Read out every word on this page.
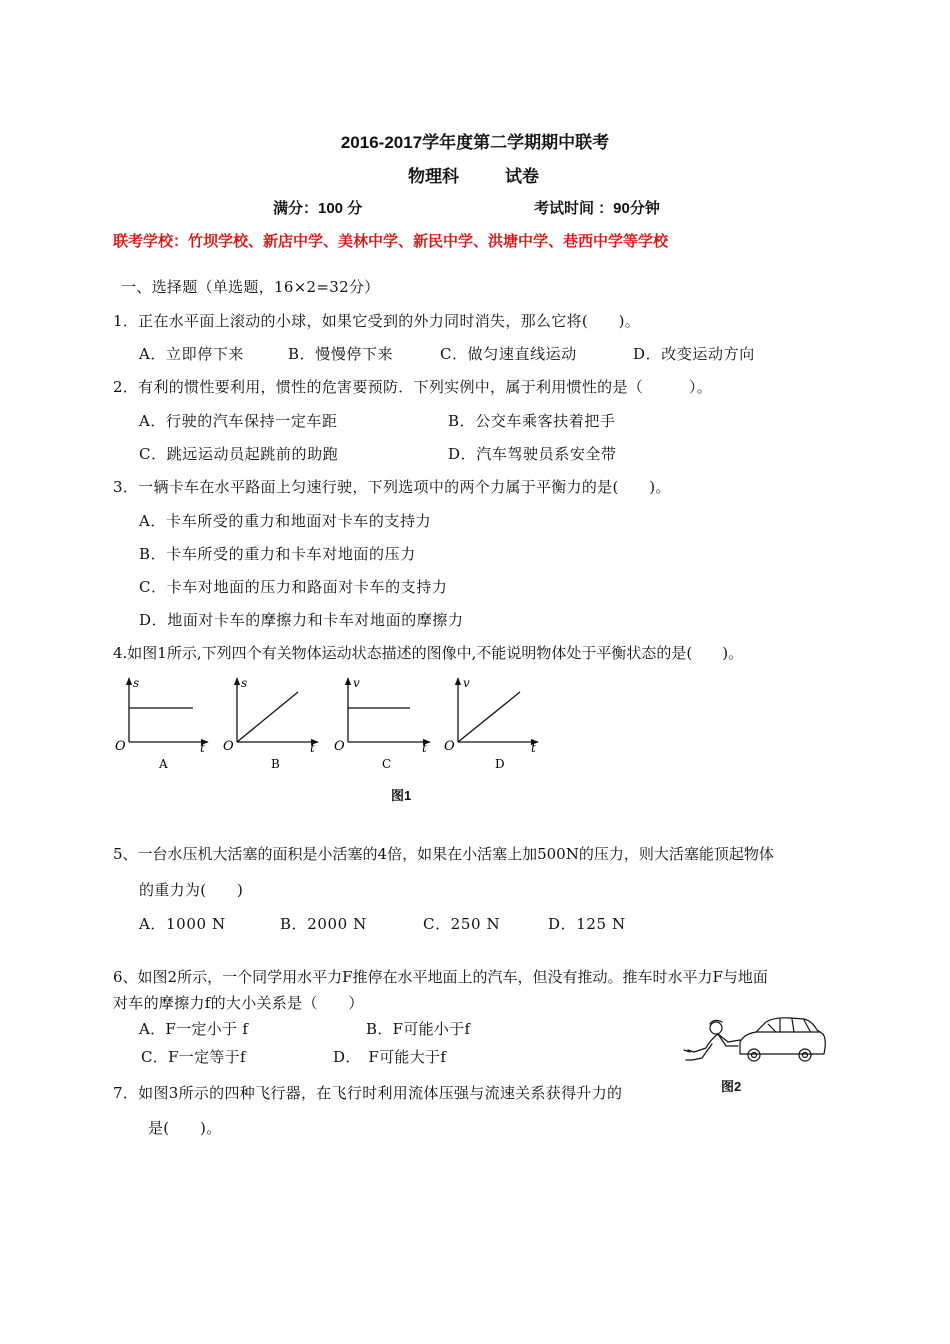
2016-2017学年度第二学期期中联考
物理科	试卷
满分：100 分	考试时间 ：90分钟
联考学校：竹坝学校、新店中学、美林中学、新民中学、洪塘中学、巷西中学等学校
一、选择题（单选题，16×2=32分）
1．正在水平面上滚动的小球，如果它受到的外力同时消失，那么它将(　　)。
A．立即停下来	B．慢慢停下来	C．做匀速直线运动	D．改变运动方向
2．有利的惯性要利用，惯性的危害要预防．下列实例中，属于利用惯性的是（　　　）。
A．行驶的汽车保持一定车距	B．公交车乘客扶着把手
C．跳远运动员起跳前的助跑	D．汽车驾驶员系安全带
3．一辆卡车在水平路面上匀速行驶，下列选项中的两个力属于平衡力的是(　　)。
A．卡车所受的重力和地面对卡车的支持力
B．卡车所受的重力和卡车对地面的压力
C．卡车对地面的压力和路面对卡车的支持力
D．地面对卡车的摩擦力和卡车对地面的摩擦力
4.如图1所示,下列四个有关物体运动状态描述的图像中,不能说明物体处于平衡状态的是(　　)。
s
t
O
A
s
t
O
B
v
t
O
C
v
t
O
D
图1
5、一台水压机大活塞的面积是小活塞的4倍，如果在小活塞上加500N的压力，则大活塞能顶起物体
的重力为(　　)
A．1000 N	B．2000 N	C．250 N	D．125 N
6、如图2所示，一个同学用水平力F推停在水平地面上的汽车，但没有推动。推车时水平力F与地面
对车的摩擦力f的大小关系是（　　）
A．F一定小于 f	B．F可能小于f
C．F一定等于f	D．　F可能大于f
图2
7．如图3所示的四种飞行器，在飞行时利用流体压强与流速关系获得升力的
是(　　)。
